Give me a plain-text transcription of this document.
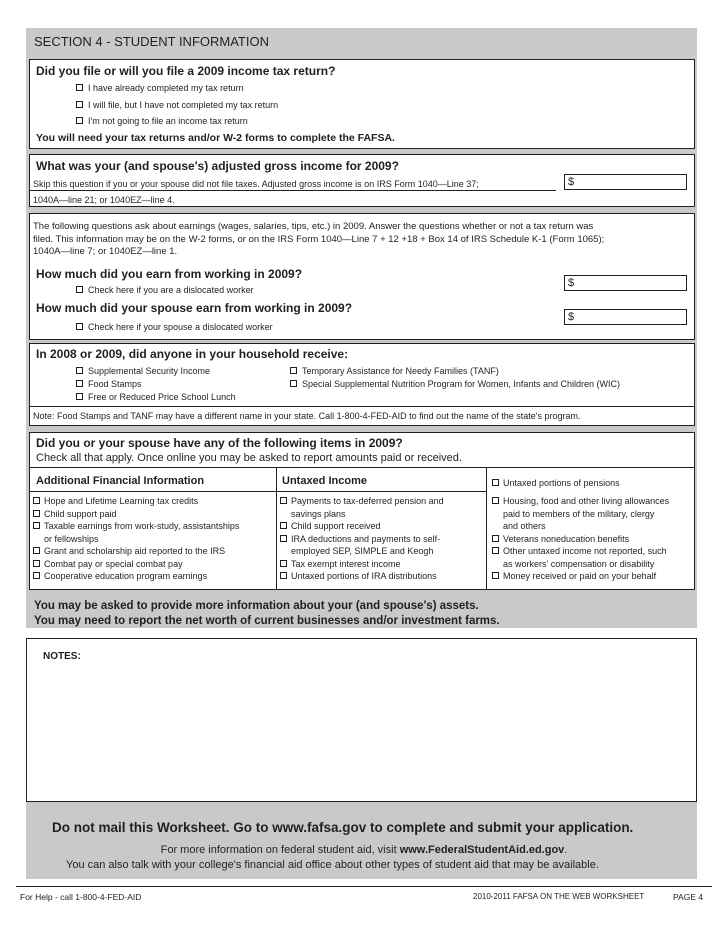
SECTION 4 - STUDENT INFORMATION
Did you file or will you file a 2009 income tax return?
I have already completed my tax return
I will file, but I have not completed my tax return
I'm not going to file an income tax return
You will need your tax returns and/or W-2 forms to complete the FAFSA.
What was your (and spouse's) adjusted gross income for 2009?
Skip this question if you or your spouse did not file taxes. Adjusted gross income is on IRS Form 1040—Line 37;
1040A—line 21; or 1040EZ—line 4.
$
The following questions ask about earnings (wages, salaries, tips, etc.) in 2009. Answer the questions whether or not a tax return was
filed. This information may be on the W-2 forms, or on the IRS Form 1040—Line 7 + 12 +18 + Box 14 of IRS Schedule K-1 (Form 1065);
1040A—line 7; or 1040EZ—line 1.
How much did you earn from working in 2009?
Check here if you are a dislocated worker
$
How much did your spouse earn from working in 2009?
Check here if your spouse a dislocated worker
$
In 2008 or 2009, did anyone in your household receive:
Supplemental Security Income
Food Stamps
Free or Reduced Price School Lunch
Temporary Assistance for Needy Families (TANF)
Special Supplemental Nutrition Program for Women, Infants and Children (WIC)
Note: Food Stamps and TANF may have a different name in your state. Call 1-800-4-FED-AID to find out the name of the state's program.
Did you or your spouse have any of the following items in 2009?
Check all that apply. Once online you may be asked to report amounts paid or received.
Additional Financial Information	Untaxed Income
Hope and Lifetime Learning tax credits
Child support paid
Taxable earnings from work-study, assistantships
or fellowships
Grant and scholarship aid reported to the IRS
Combat pay or special combat pay
Cooperative education program earnings
Payments to tax-deferred pension and
savings plans
Child support received
IRA deductions and payments to self-
employed SEP, SIMPLE and Keogh
Tax exempt interest income
Untaxed portions of IRA distributions
Untaxed portions of pensions
Housing, food and other living allowances
paid to members of the military, clergy
and others
Veterans noneducation benefits
Other untaxed income not reported, such
as workers' compensation or disability
Money received or paid on your behalf
You may be asked to provide more information about your (and spouse's) assets.
You may need to report the net worth of current businesses and/or investment farms.
NOTES:
Do not mail this Worksheet. Go to www.fafsa.gov to complete and submit your application.
For more information on federal student aid, visit www.FederalStudentAid.ed.gov.
You can also talk with your college's financial aid office about other types of student aid that may be available.
For Help - call 1-800-4-FED-AID	2010-2011 FAFSA ON THE WEB WORKSHEET	PAGE 4
